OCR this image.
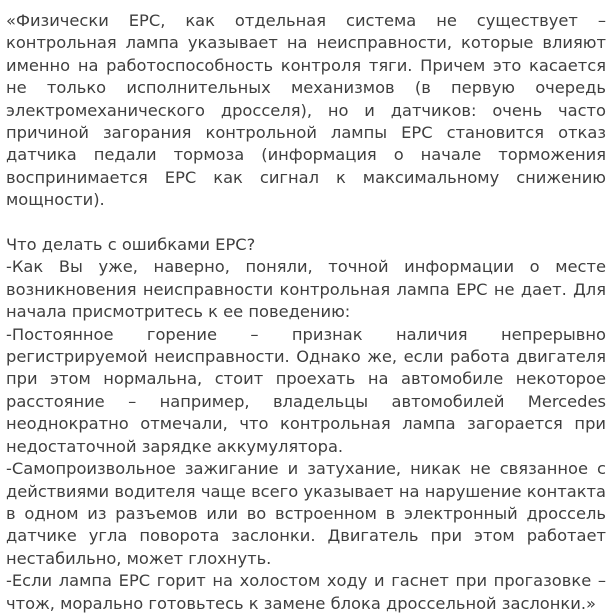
«Физически EPC, как отдельная система не существует – контрольная лампа указывает на неисправности, которые влияют именно на работоспособность контроля тяги. Причем это касается не только исполнительных механизмов (в первую очередь электромеханического дросселя), но и датчиков: очень часто причиной загорания контрольной лампы EPC становится отказ датчика педали тормоза (информация о начале торможения воспринимается EPC как сигнал к максимальному снижению мощности).

Что делать с ошибками EPC?

-Как Вы уже, наверно, поняли, точной информации о месте возникновения неисправности контрольная лампа EPC не дает. Для начала присмотритесь к ее поведению:

-Постоянное горение – признак наличия непрерывно регистрируемой неисправности. Однако же, если работа двигателя при этом нормальна, стоит проехать на автомобиле некоторое расстояние – например, владельцы автомобилей Mercedes неоднократно отмечали, что контрольная лампа загорается при недостаточной зарядке аккумулятора.

-Самопроизвольное зажигание и затухание, никак не связанное с действиями водителя чаще всего указывает на нарушение контакта в одном из разъемов или во встроенном в электронный дроссель датчике угла поворота заслонки. Двигатель при этом работает нестабильно, может глохнуть.

-Если лампа EPC горит на холостом ходу и гаснет при прогазовке – чтож, морально готовьтесь к замене блока дроссельной заслонки.»
